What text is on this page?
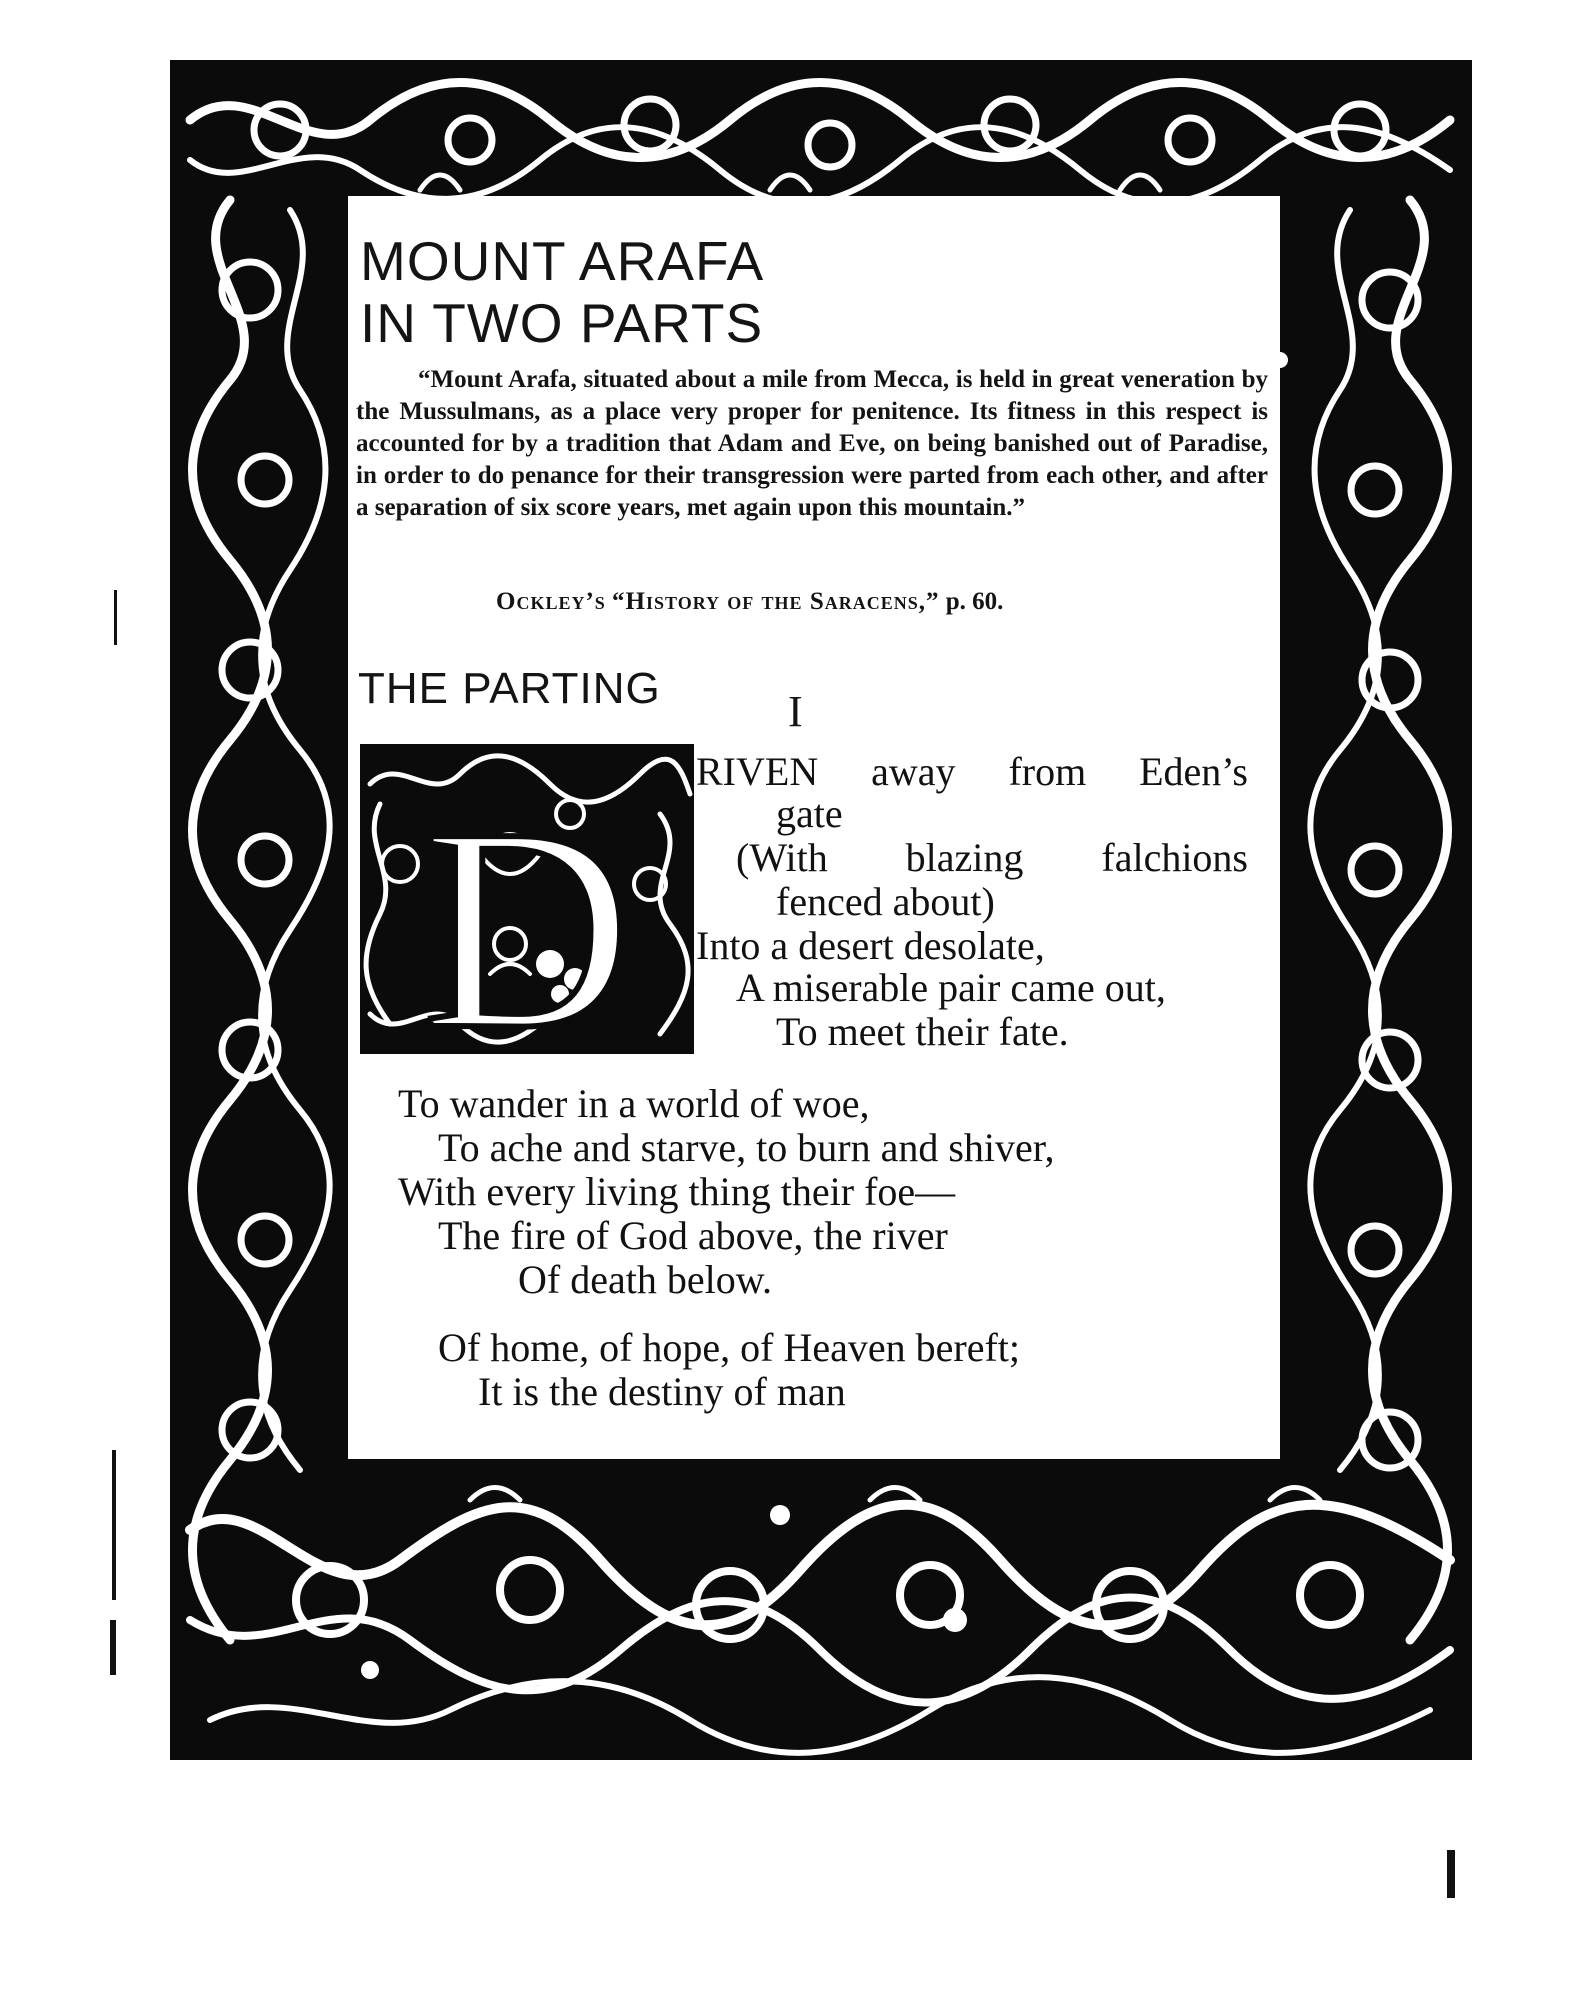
MOUNT ARAFA
IN TWO PARTS
“Mount Arafa, situated about a mile from Mecca, is held in great veneration by the Mussulmans, as a place very proper for penitence. Its fitness in this respect is accounted for by a tradition that Adam and Eve, on being banished out of Paradise, in order to do penance for their transgression were parted from each other, and after a separation of six score years, met again upon this mountain.”
Ockley’s “History of the Saracens,” p. 60.
THE PARTING	I
D RIVEN away from Eden’s
gate
(With blazing falchions
fenced about)
Into a desert desolate,
A miserable pair came out,
To meet their fate.
To wander in a world of woe,
To ache and starve, to burn and shiver,
With every living thing their foe—
The fire of God above, the river
Of death below.
Of home, of hope, of Heaven bereft;
It is the destiny of man
